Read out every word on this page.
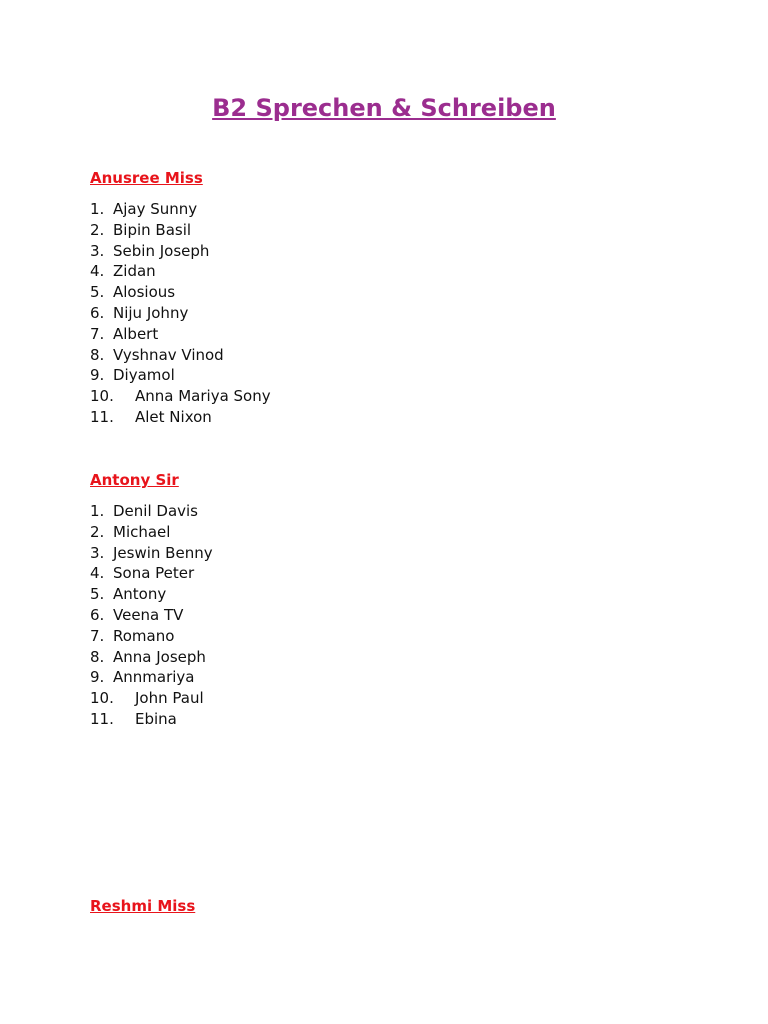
B2 Sprechen & Schreiben
Anusree Miss
1. Ajay Sunny
2. Bipin Basil
3. Sebin Joseph
4. Zidan
5. Alosious
6. Niju Johny
7. Albert
8. Vyshnav Vinod
9. Diyamol
10. Anna Mariya Sony
11. Alet Nixon
Antony Sir
1. Denil Davis
2. Michael
3. Jeswin Benny
4. Sona Peter
5. Antony
6. Veena TV
7. Romano
8. Anna Joseph
9. Annmariya
10. John Paul
11. Ebina
Reshmi Miss
